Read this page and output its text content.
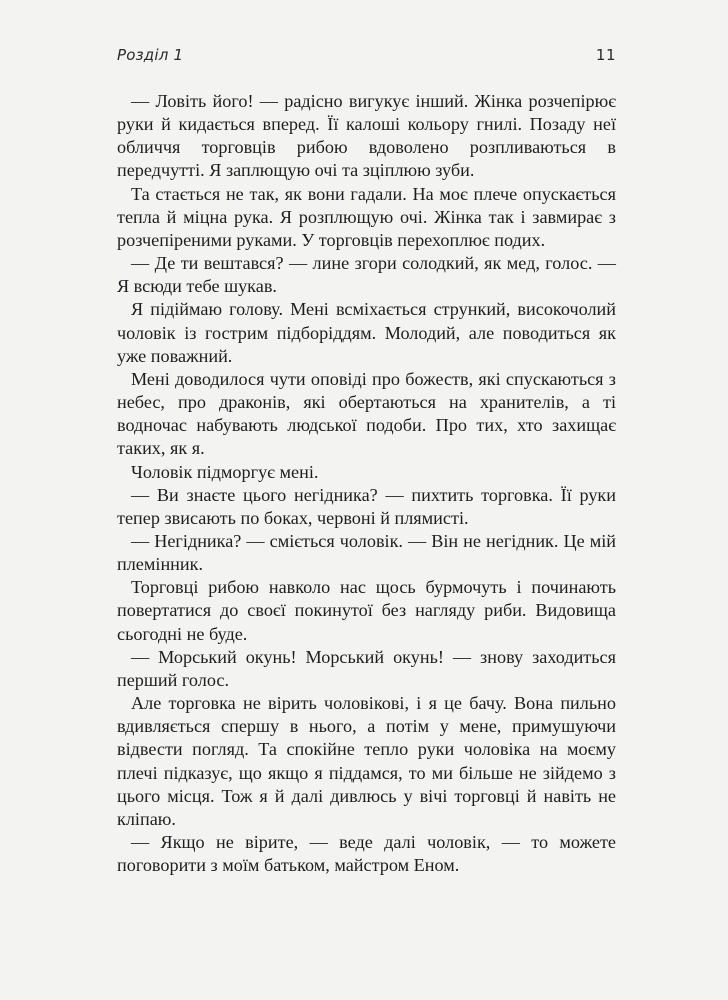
Розділ 1	11

— Ловіть його! — радісно вигукує інший. Жінка розчепірює руки й кидається вперед. Її калоші кольору гнилі. Позаду неї обличчя торговців рибою вдоволено розпливаються в передчутті. Я заплющую очі та зціплюю зуби.

Та стається не так, як вони гадали. На моє плече опускається тепла й міцна рука. Я розплющую очі. Жінка так і завмирає з розчепіреними руками. У торговців перехоплює подих.

— Де ти вештався? — лине згори солодкий, як мед, голос. — Я всюди тебе шукав.

Я підіймаю голову. Мені всміхається стрункий, високочолий чоловік із гострим підборіддям. Молодий, але поводиться як уже поважний.

Мені доводилося чути оповіді про божеств, які спускаються з небес, про драконів, які обертаються на хранителів, а ті водночас набувають людської подоби. Про тих, хто захищає таких, як я.

Чоловік підморгує мені.

— Ви знаєте цього негідника? — пихтить торговка. Її руки тепер звисають по боках, червоні й плямисті.

— Негідника? — сміється чоловік. — Він не негідник. Це мій племінник.

Торговці рибою навколо нас щось бурмочуть і починають повертатися до своєї покинутої без нагляду риби. Видовища сьогодні не буде.

— Морський окунь! Морський окунь! — знову заходиться перший голос.

Але торговка не вірить чоловікові, і я це бачу. Вона пильно вдивляється спершу в нього, а потім у мене, примушуючи відвести погляд. Та спокійне тепло руки чоловіка на моєму плечі підказує, що якщо я піддамся, то ми більше не зійдемо з цього місця. Тож я й далі дивлюсь у вічі торговці й навіть не кліпаю.

— Якщо не вірите, — веде далі чоловік, — то можете поговорити з моїм батьком, майстром Еном.
